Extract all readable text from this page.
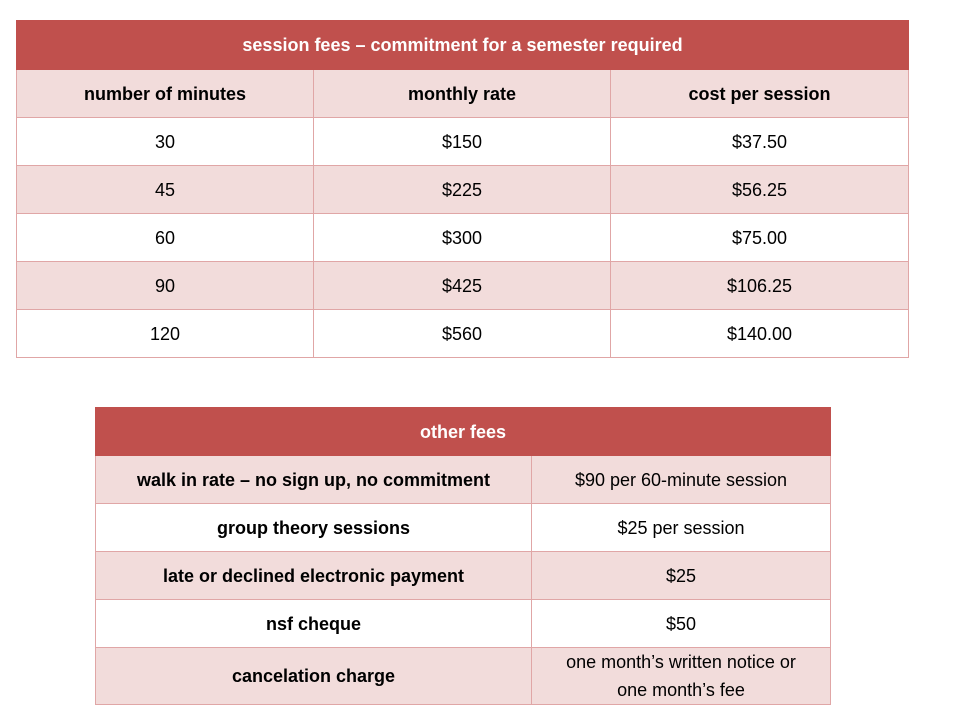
session fees – commitment for a semester required		
number of minutes	monthly rate	cost per session
30	$150	$37.50
45	$225	$56.25
60	$300	$75.00
90	$425	$106.25
120	$560	$140.00
other fees	
walk in rate – no sign up, no commitment	$90 per 60-minute session
group theory sessions	$25 per session
late or declined electronic payment	$25
nsf cheque	$50
cancelation charge	one month’s written notice or
one month’s fee
